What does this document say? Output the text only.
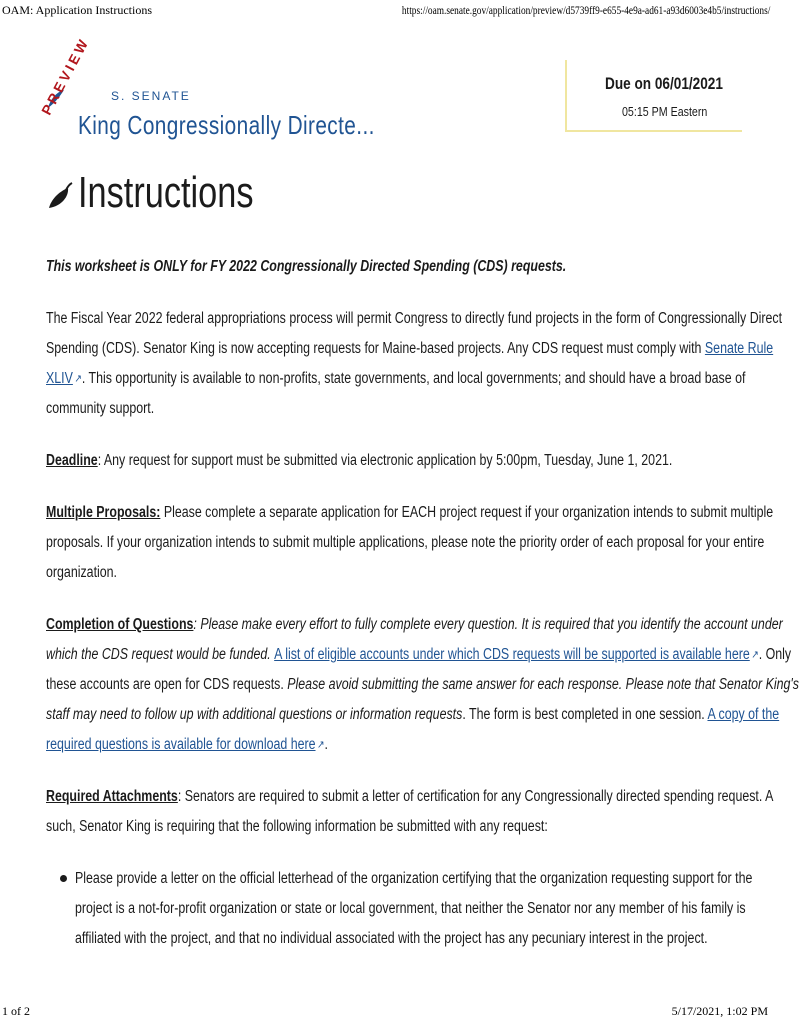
OAM: Application Instructions	https://oam.senate.gov/application/preview/d5739ff9-e655-4e9a-ad61-a93d6003e4b5/instructions/
Due on 06/01/2021
05:15 PM Eastern
PREVIEW S. SENATE
King Congressionally Directe...
Instructions

This worksheet is ONLY for FY 2022 Congressionally Directed Spending (CDS) requests.

The Fiscal Year 2022 federal appropriations process will permit Congress to directly fund projects in the form of Congressionally Direct

Spending (CDS). Senator King is now accepting requests for Maine-based projects. Any CDS request must comply with Senate Rule

XLIV ↗. This opportunity is available to non-profits, state governments, and local governments; and should have a broad base of

community support.

Deadline: Any request for support must be submitted via electronic application by 5:00pm, Tuesday, June 1, 2021.

Multiple Proposals: Please complete a separate application for EACH project request if your organization intends to submit multiple

proposals. If your organization intends to submit multiple applications, please note the priority order of each proposal for your entire

organization.

Completion of Questions: Please make every effort to fully complete every question. It is required that you identify the account under

which the CDS request would be funded. A list of eligible accounts under which CDS requests will be supported is available here ↗. Only

these accounts are open for CDS requests. Please avoid submitting the same answer for each response. Please note that Senator King's

staff may need to follow up with additional questions or information requests. The form is best completed in one session. A copy of the

required questions is available for download here ↗.

Required Attachments: Senators are required to submit a letter of certification for any Congressionally directed spending request. A

such, Senator King is requiring that the following information be submitted with any request:

Please provide a letter on the official letterhead of the organization certifying that the organization requesting support for the

project is a not-for-profit organization or state or local government, that neither the Senator nor any member of his family is

affiliated with the project, and that no individual associated with the project has any pecuniary interest in the project.

1 of 2	5/17/2021, 1:02 PM
